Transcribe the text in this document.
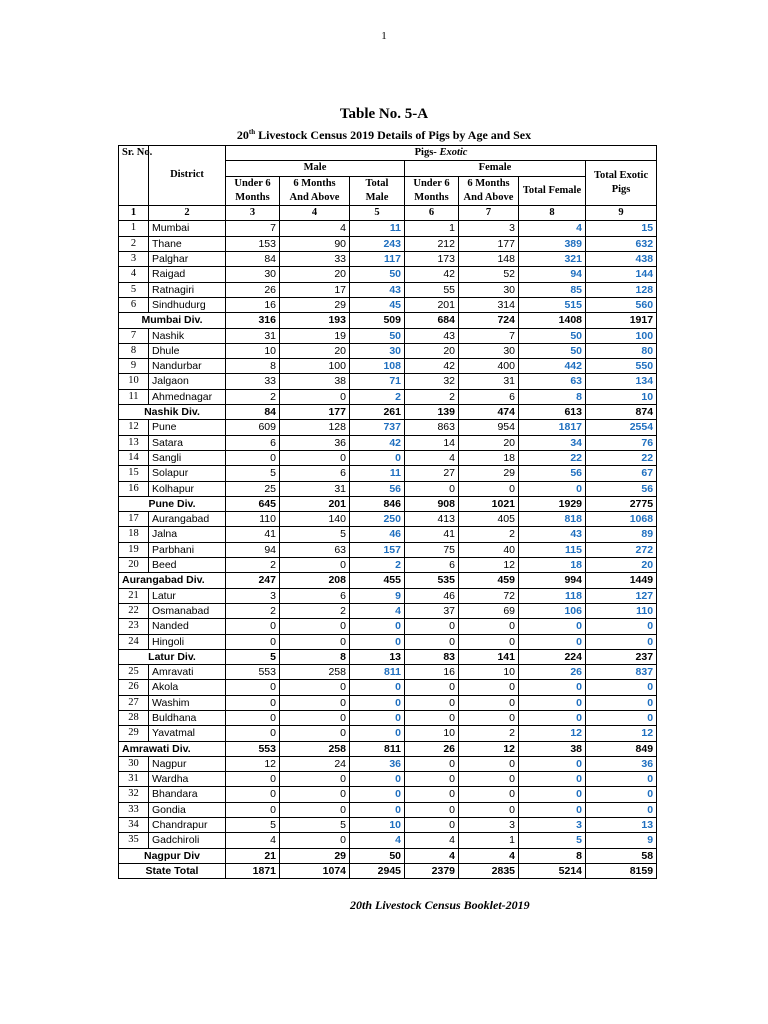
1
Table No. 5-A
20th Livestock Census 2019 Details of Pigs by Age and Sex
Sr. No.	District	Pigs- Exotic						
		Male			Female			Total Exotic Pigs
		Under 6 Months	6 Months And Above	Total Male	Under 6 Months	6 Months And Above	Total Female	
1	2	3	4	5	6	7	8	9
1	Mumbai	7	4	11	1	3	4	15
2	Thane	153	90	243	212	177	389	632
3	Palghar	84	33	117	173	148	321	438
4	Raigad	30	20	50	42	52	94	144
5	Ratnagiri	26	17	43	55	30	85	128
6	Sindhudurg	16	29	45	201	314	515	560
Mumbai Div.		316	193	509	684	724	1408	1917
7	Nashik	31	19	50	43	7	50	100
8	Dhule	10	20	30	20	30	50	80
9	Nandurbar	8	100	108	42	400	442	550
10	Jalgaon	33	38	71	32	31	63	134
11	Ahmednagar	2	0	2	2	6	8	10
Nashik Div.		84	177	261	139	474	613	874
12	Pune	609	128	737	863	954	1817	2554
13	Satara	6	36	42	14	20	34	76
14	Sangli	0	0	0	4	18	22	22
15	Solapur	5	6	11	27	29	56	67
16	Kolhapur	25	31	56	0	0	0	56
Pune Div.		645	201	846	908	1021	1929	2775
17	Aurangabad	110	140	250	413	405	818	1068
18	Jalna	41	5	46	41	2	43	89
19	Parbhani	94	63	157	75	40	115	272
20	Beed	2	0	2	6	12	18	20
Aurangabad Div.		247	208	455	535	459	994	1449
21	Latur	3	6	9	46	72	118	127
22	Osmanabad	2	2	4	37	69	106	110
23	Nanded	0	0	0	0	0	0	0
24	Hingoli	0	0	0	0	0	0	0
Latur Div.		5	8	13	83	141	224	237
25	Amravati	553	258	811	16	10	26	837
26	Akola	0	0	0	0	0	0	0
27	Washim	0	0	0	0	0	0	0
28	Buldhana	0	0	0	0	0	0	0
29	Yavatmal	0	0	0	10	2	12	12
Amrawati Div.		553	258	811	26	12	38	849
30	Nagpur	12	24	36	0	0	0	36
31	Wardha	0	0	0	0	0	0	0
32	Bhandara	0	0	0	0	0	0	0
33	Gondia	0	0	0	0	0	0	0
34	Chandrapur	5	5	10	0	3	3	13
35	Gadchiroli	4	0	4	4	1	5	9
Nagpur Div		21	29	50	4	4	8	58
State Total		1871	1074	2945	2379	2835	5214	8159
20th Livestock Census Booklet-2019
